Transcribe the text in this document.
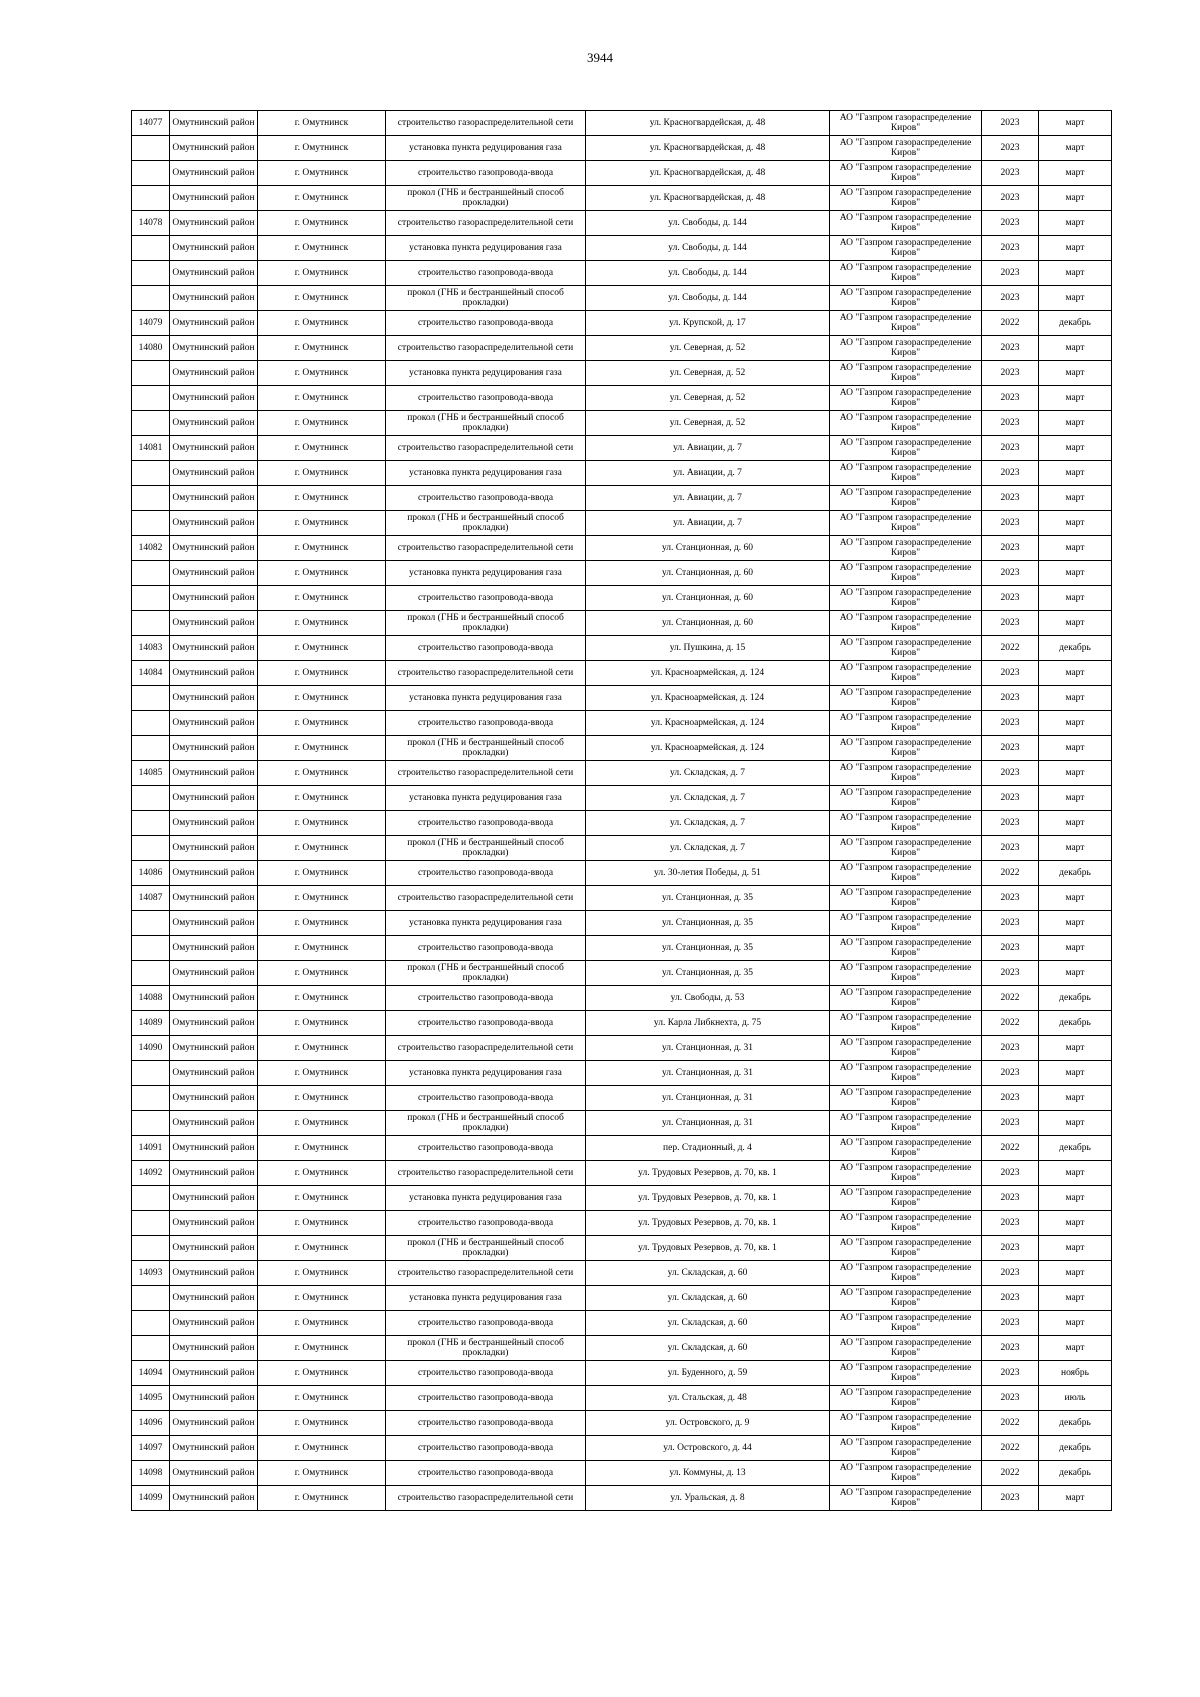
3944
14077	Омутнинский район	г. Омутнинск	строительство газораспределительной сети	ул. Красногвардейская, д. 48	АО "Газпром газораспределение Киров"	2023	март

	Омутнинский район	г. Омутнинск	установка пункта редуцирования газа	ул. Красногвардейская, д. 48	АО "Газпром газораспределение Киров"	2023	март

	Омутнинский район	г. Омутнинск	строительство газопровода-ввода	ул. Красногвардейская, д. 48	АО "Газпром газораспределение Киров"	2023	март

	Омутнинский район	г. Омутнинск	прокол (ГНБ и бестраншейный способ прокладки)	ул. Красногвардейская, д. 48	АО "Газпром газораспределение Киров"	2023	март

14078	Омутнинский район	г. Омутнинск	строительство газораспределительной сети	ул. Свободы, д. 144	АО "Газпром газораспределение Киров"	2023	март

	Омутнинский район	г. Омутнинск	установка пункта редуцирования газа	ул. Свободы, д. 144	АО "Газпром газораспределение Киров"	2023	март

	Омутнинский район	г. Омутнинск	строительство газопровода-ввода	ул. Свободы, д. 144	АО "Газпром газораспределение Киров"	2023	март

	Омутнинский район	г. Омутнинск	прокол (ГНБ и бестраншейный способ прокладки)	ул. Свободы, д. 144	АО "Газпром газораспределение Киров"	2023	март

14079	Омутнинский район	г. Омутнинск	строительство газопровода-ввода	ул. Крупской, д. 17	АО "Газпром газораспределение Киров"	2022	декабрь

14080	Омутнинский район	г. Омутнинск	строительство газораспределительной сети	ул. Северная, д. 52	АО "Газпром газораспределение Киров"	2023	март

	Омутнинский район	г. Омутнинск	установка пункта редуцирования газа	ул. Северная, д. 52	АО "Газпром газораспределение Киров"	2023	март

	Омутнинский район	г. Омутнинск	строительство газопровода-ввода	ул. Северная, д. 52	АО "Газпром газораспределение Киров"	2023	март

	Омутнинский район	г. Омутнинск	прокол (ГНБ и бестраншейный способ прокладки)	ул. Северная, д. 52	АО "Газпром газораспределение Киров"	2023	март

14081	Омутнинский район	г. Омутнинск	строительство газораспределительной сети	ул. Авиации, д. 7	АО "Газпром газораспределение Киров"	2023	март

	Омутнинский район	г. Омутнинск	установка пункта редуцирования газа	ул. Авиации, д. 7	АО "Газпром газораспределение Киров"	2023	март

	Омутнинский район	г. Омутнинск	строительство газопровода-ввода	ул. Авиации, д. 7	АО "Газпром газораспределение Киров"	2023	март

	Омутнинский район	г. Омутнинск	прокол (ГНБ и бестраншейный способ прокладки)	ул. Авиации, д. 7	АО "Газпром газораспределение Киров"	2023	март

14082	Омутнинский район	г. Омутнинск	строительство газораспределительной сети	ул. Станционная, д. 60	АО "Газпром газораспределение Киров"	2023	март

	Омутнинский район	г. Омутнинск	установка пункта редуцирования газа	ул. Станционная, д. 60	АО "Газпром газораспределение Киров"	2023	март

	Омутнинский район	г. Омутнинск	строительство газопровода-ввода	ул. Станционная, д. 60	АО "Газпром газораспределение Киров"	2023	март

	Омутнинский район	г. Омутнинск	прокол (ГНБ и бестраншейный способ прокладки)	ул. Станционная, д. 60	АО "Газпром газораспределение Киров"	2023	март

14083	Омутнинский район	г. Омутнинск	строительство газопровода-ввода	ул. Пушкина, д. 15	АО "Газпром газораспределение Киров"	2022	декабрь

14084	Омутнинский район	г. Омутнинск	строительство газораспределительной сети	ул. Красноармейская, д. 124	АО "Газпром газораспределение Киров"	2023	март

	Омутнинский район	г. Омутнинск	установка пункта редуцирования газа	ул. Красноармейская, д. 124	АО "Газпром газораспределение Киров"	2023	март

	Омутнинский район	г. Омутнинск	строительство газопровода-ввода	ул. Красноармейская, д. 124	АО "Газпром газораспределение Киров"	2023	март

	Омутнинский район	г. Омутнинск	прокол (ГНБ и бестраншейный способ прокладки)	ул. Красноармейская, д. 124	АО "Газпром газораспределение Киров"	2023	март

14085	Омутнинский район	г. Омутнинск	строительство газораспределительной сети	ул. Складская, д. 7	АО "Газпром газораспределение Киров"	2023	март

	Омутнинский район	г. Омутнинск	установка пункта редуцирования газа	ул. Складская, д. 7	АО "Газпром газораспределение Киров"	2023	март

	Омутнинский район	г. Омутнинск	строительство газопровода-ввода	ул. Складская, д. 7	АО "Газпром газораспределение Киров"	2023	март

	Омутнинский район	г. Омутнинск	прокол (ГНБ и бестраншейный способ прокладки)	ул. Складская, д. 7	АО "Газпром газораспределение Киров"	2023	март

14086	Омутнинский район	г. Омутнинск	строительство газопровода-ввода	ул. 30-летия Победы, д. 51	АО "Газпром газораспределение Киров"	2022	декабрь

14087	Омутнинский район	г. Омутнинск	строительство газораспределительной сети	ул. Станционная, д. 35	АО "Газпром газораспределение Киров"	2023	март

	Омутнинский район	г. Омутнинск	установка пункта редуцирования газа	ул. Станционная, д. 35	АО "Газпром газораспределение Киров"	2023	март

	Омутнинский район	г. Омутнинск	строительство газопровода-ввода	ул. Станционная, д. 35	АО "Газпром газораспределение Киров"	2023	март

	Омутнинский район	г. Омутнинск	прокол (ГНБ и бестраншейный способ прокладки)	ул. Станционная, д. 35	АО "Газпром газораспределение Киров"	2023	март

14088	Омутнинский район	г. Омутнинск	строительство газопровода-ввода	ул. Свободы, д. 53	АО "Газпром газораспределение Киров"	2022	декабрь

14089	Омутнинский район	г. Омутнинск	строительство газопровода-ввода	ул. Карла Либкнехта, д. 75	АО "Газпром газораспределение Киров"	2022	декабрь

14090	Омутнинский район	г. Омутнинск	строительство газораспределительной сети	ул. Станционная, д. 31	АО "Газпром газораспределение Киров"	2023	март

	Омутнинский район	г. Омутнинск	установка пункта редуцирования газа	ул. Станционная, д. 31	АО "Газпром газораспределение Киров"	2023	март

	Омутнинский район	г. Омутнинск	строительство газопровода-ввода	ул. Станционная, д. 31	АО "Газпром газораспределение Киров"	2023	март

	Омутнинский район	г. Омутнинск	прокол (ГНБ и бестраншейный способ прокладки)	ул. Станционная, д. 31	АО "Газпром газораспределение Киров"	2023	март

14091	Омутнинский район	г. Омутнинск	строительство газопровода-ввода	пер. Стадионный, д. 4	АО "Газпром газораспределение Киров"	2022	декабрь

14092	Омутнинский район	г. Омутнинск	строительство газораспределительной сети	ул. Трудовых Резервов, д. 70, кв. 1	АО "Газпром газораспределение Киров"	2023	март

	Омутнинский район	г. Омутнинск	установка пункта редуцирования газа	ул. Трудовых Резервов, д. 70, кв. 1	АО "Газпром газораспределение Киров"	2023	март

	Омутнинский район	г. Омутнинск	строительство газопровода-ввода	ул. Трудовых Резервов, д. 70, кв. 1	АО "Газпром газораспределение Киров"	2023	март

	Омутнинский район	г. Омутнинск	прокол (ГНБ и бестраншейный способ прокладки)	ул. Трудовых Резервов, д. 70, кв. 1	АО "Газпром газораспределение Киров"	2023	март

14093	Омутнинский район	г. Омутнинск	строительство газораспределительной сети	ул. Складская, д. 60	АО "Газпром газораспределение Киров"	2023	март

	Омутнинский район	г. Омутнинск	установка пункта редуцирования газа	ул. Складская, д. 60	АО "Газпром газораспределение Киров"	2023	март

	Омутнинский район	г. Омутнинск	строительство газопровода-ввода	ул. Складская, д. 60	АО "Газпром газораспределение Киров"	2023	март

	Омутнинский район	г. Омутнинск	прокол (ГНБ и бестраншейный способ прокладки)	ул. Складская, д. 60	АО "Газпром газораспределение Киров"	2023	март

14094	Омутнинский район	г. Омутнинск	строительство газопровода-ввода	ул. Буденного, д. 59	АО "Газпром газораспределение Киров"	2023	ноябрь

14095	Омутнинский район	г. Омутнинск	строительство газопровода-ввода	ул. Стальская, д. 48	АО "Газпром газораспределение Киров"	2023	июль

14096	Омутнинский район	г. Омутнинск	строительство газопровода-ввода	ул. Островского, д. 9	АО "Газпром газораспределение Киров"	2022	декабрь

14097	Омутнинский район	г. Омутнинск	строительство газопровода-ввода	ул. Островского, д. 44	АО "Газпром газораспределение Киров"	2022	декабрь

14098	Омутнинский район	г. Омутнинск	строительство газопровода-ввода	ул. Коммуны, д. 13	АО "Газпром газораспределение Киров"	2022	декабрь

14099	Омутнинский район	г. Омутнинск	строительство газораспределительной сети	ул. Уральская, д. 8	АО "Газпром газораспределение Киров"	2023	март
